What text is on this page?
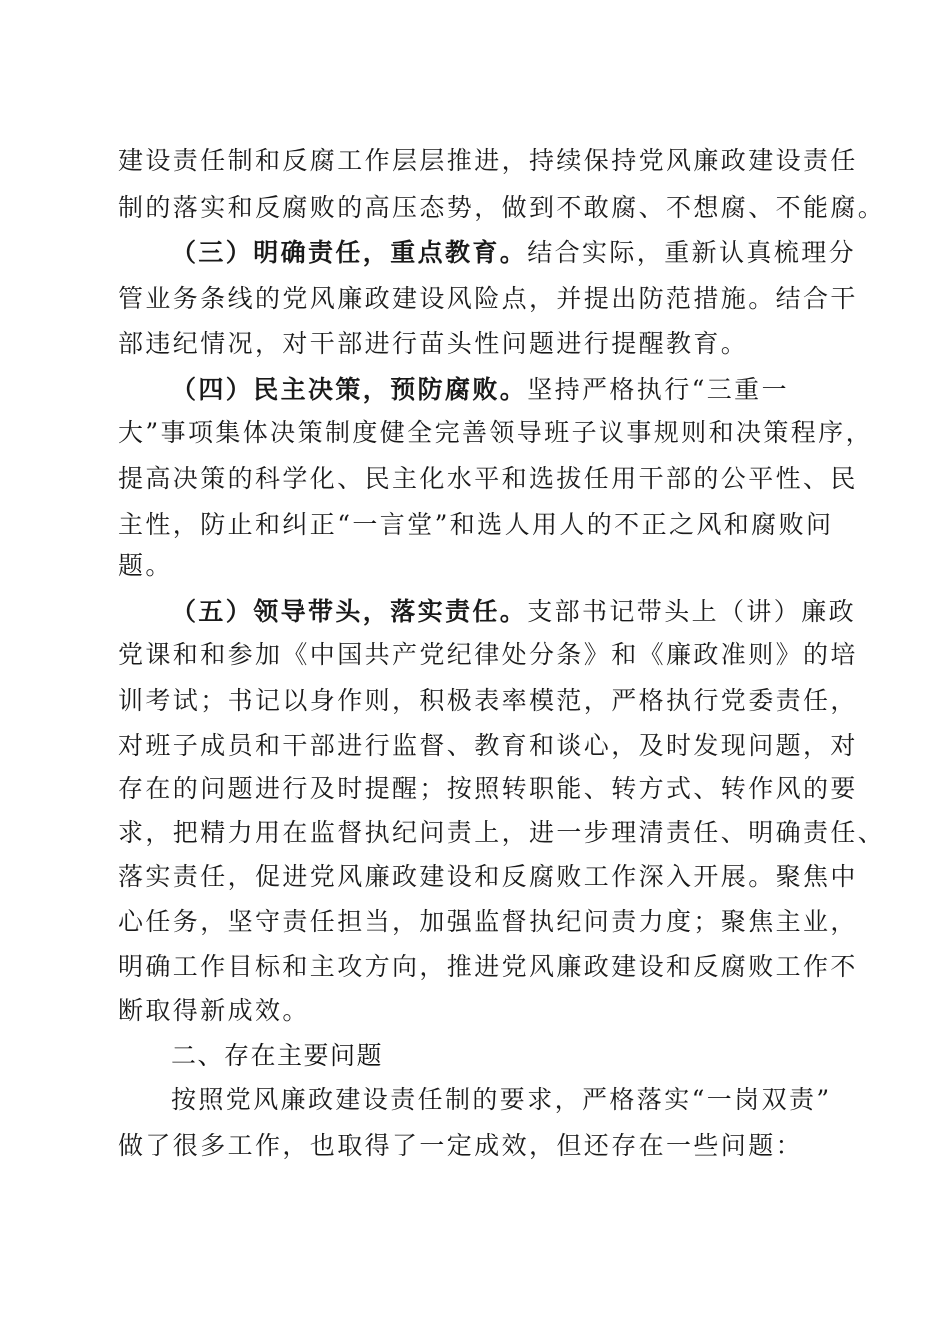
建设责任制和反腐工作层层推进，持续保持党风廉政建设责任
制的落实和反腐败的高压态势，做到不敢腐、不想腐、不能腐。
（三）明确责任，重点教育。结合实际，重新认真梳理分
管业务条线的党风廉政建设风险点，并提出防范措施。结合干
部违纪情况，对干部进行苗头性问题进行提醒教育。
（四）民主决策，预防腐败。坚持严格执行“三重一
大”事项集体决策制度健全完善领导班子议事规则和决策程序，
提高决策的科学化、民主化水平和选拔任用干部的公平性、民
主性，防止和纠正“一言堂”和选人用人的不正之风和腐败问
题。
（五）领导带头，落实责任。支部书记带头上（讲）廉政
党课和和参加《中国共产党纪律处分条》和《廉政准则》的培
训考试；书记以身作则，积极表率模范，严格执行党委责任，
对班子成员和干部进行监督、教育和谈心，及时发现问题，对
存在的问题进行及时提醒；按照转职能、转方式、转作风的要
求，把精力用在监督执纪问责上，进一步理清责任、明确责任、
落实责任，促进党风廉政建设和反腐败工作深入开展。聚焦中
心任务，坚守责任担当，加强监督执纪问责力度；聚焦主业，
明确工作目标和主攻方向，推进党风廉政建设和反腐败工作不
断取得新成效。
二、存在主要问题
按照党风廉政建设责任制的要求，严格落实“一岗双责”
做了很多工作，也取得了一定成效，但还存在一些问题：
